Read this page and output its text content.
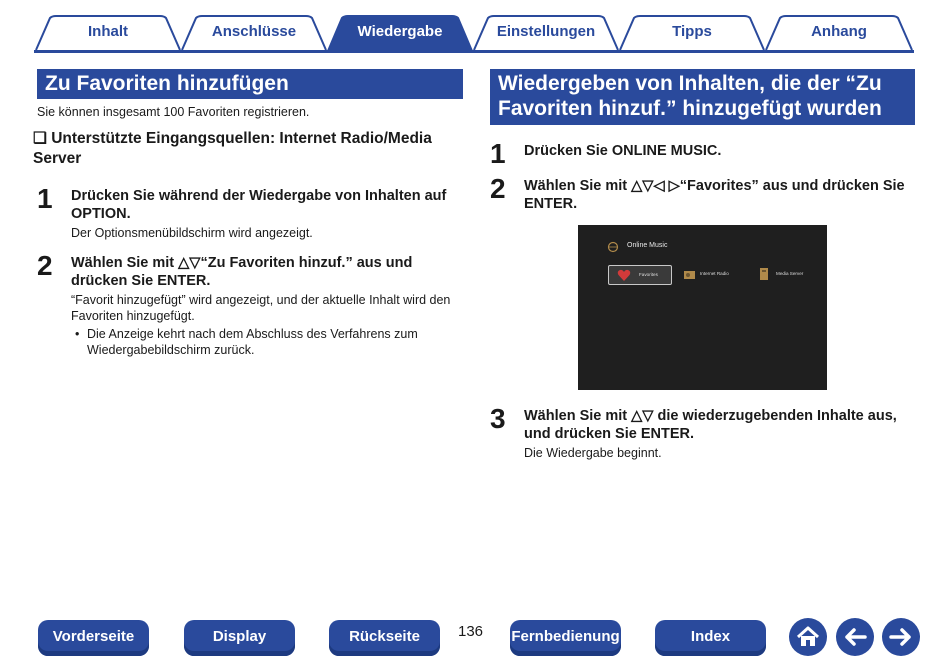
Inhalt	Anschlüsse	Wiedergabe	Einstellungen	Tipps	Anhang
Zu Favoriten hinzufügen
Sie können insgesamt 100 Favoriten registrieren.
❏ Unterstützte Eingangsquellen: Internet Radio/Media Server
1 Drücken Sie während der Wiedergabe von Inhalten auf OPTION.
Der Optionsmenübildschirm wird angezeigt.
2 Wählen Sie mit △▽“Zu Favoriten hinzuf.” aus und drücken Sie ENTER.
“Favorit hinzugefügt” wird angezeigt, und der aktuelle Inhalt wird den Favoriten hinzugefügt.
• Die Anzeige kehrt nach dem Abschluss des Verfahrens zum Wiedergabebildschirm zurück.
Wiedergeben von Inhalten, die der “Zu Favoriten hinzuf.” hinzugefügt wurden
1 Drücken Sie ONLINE MUSIC.
2 Wählen Sie mit △▽◁ ▷“Favorites” aus und drücken Sie ENTER.
Online Music
Favorites	Internet Radio	Media Server
3 Wählen Sie mit △▽ die wiederzugebenden Inhalte aus, und drücken Sie ENTER.
Die Wiedergabe beginnt.
Vorderseite	Display	Rückseite	136 Fernbedienung	Index
